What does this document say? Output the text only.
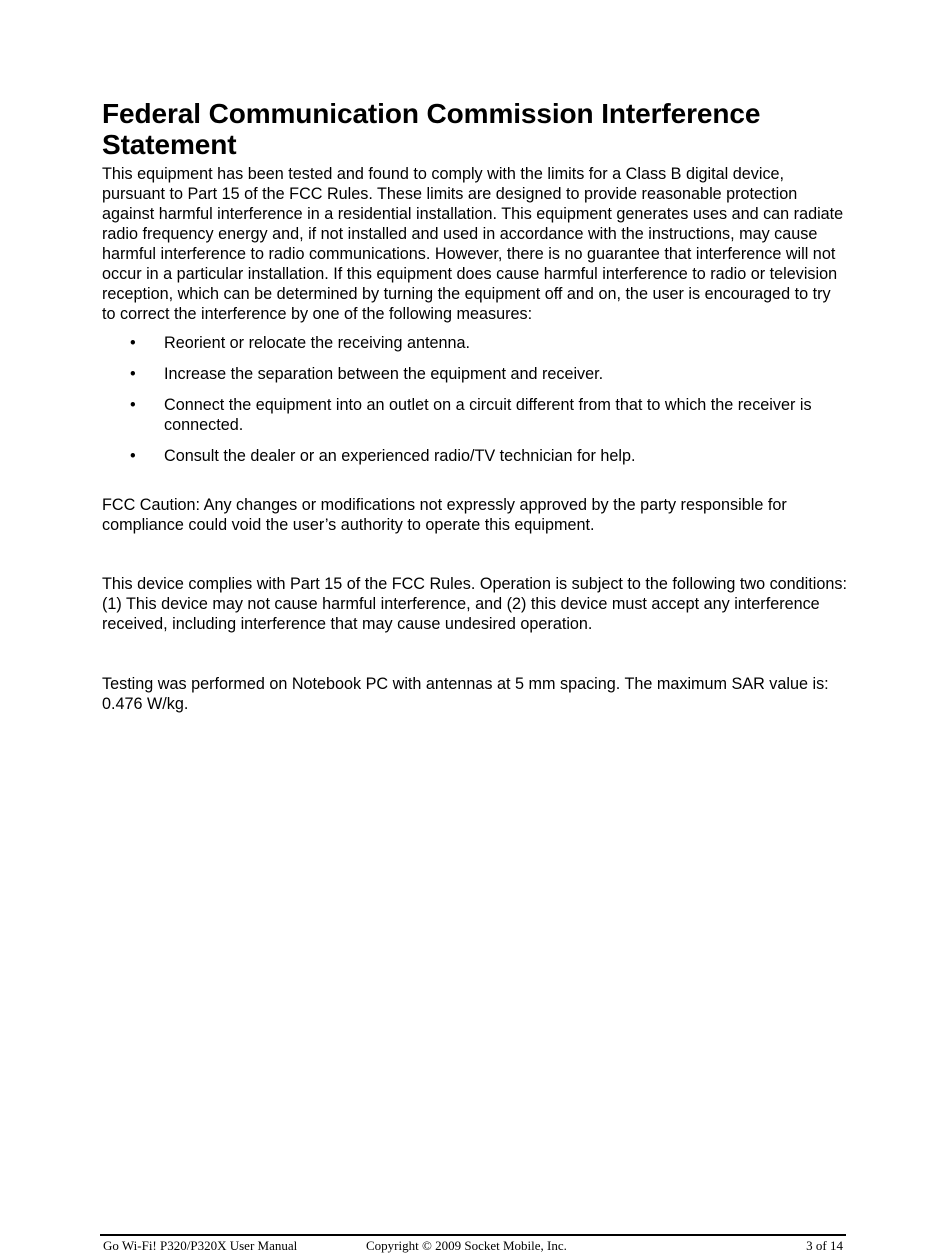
Federal Communication Commission Interference Statement

This equipment has been tested and found to comply with the limits for a Class B digital device, pursuant to Part 15 of the FCC Rules. These limits are designed to provide reasonable protection against harmful interference in a residential installation. This equipment generates uses and can radiate radio frequency energy and, if not installed and used in accordance with the instructions, may cause harmful interference to radio communications. However, there is no guarantee that interference will not occur in a particular installation. If this equipment does cause harmful interference to radio or television reception, which can be determined by turning the equipment off and on, the user is encouraged to try to correct the interference by one of the following measures:

• Reorient or relocate the receiving antenna.
• Increase the separation between the equipment and receiver.
• Connect the equipment into an outlet on a circuit different from that to which the receiver is connected.
• Consult the dealer or an experienced radio/TV technician for help.

FCC Caution: Any changes or modifications not expressly approved by the party responsible for compliance could void the user’s authority to operate this equipment.

This device complies with Part 15 of the FCC Rules. Operation is subject to the following two conditions: (1) This device may not cause harmful interference, and (2) this device must accept any interference received, including interference that may cause undesired operation.

Testing was performed on Notebook PC with antennas at 5 mm spacing. The maximum SAR value is: 0.476 W/kg.

Go Wi-Fi! P320/P320X User Manual	Copyright © 2009 Socket Mobile, Inc.	3 of 14
